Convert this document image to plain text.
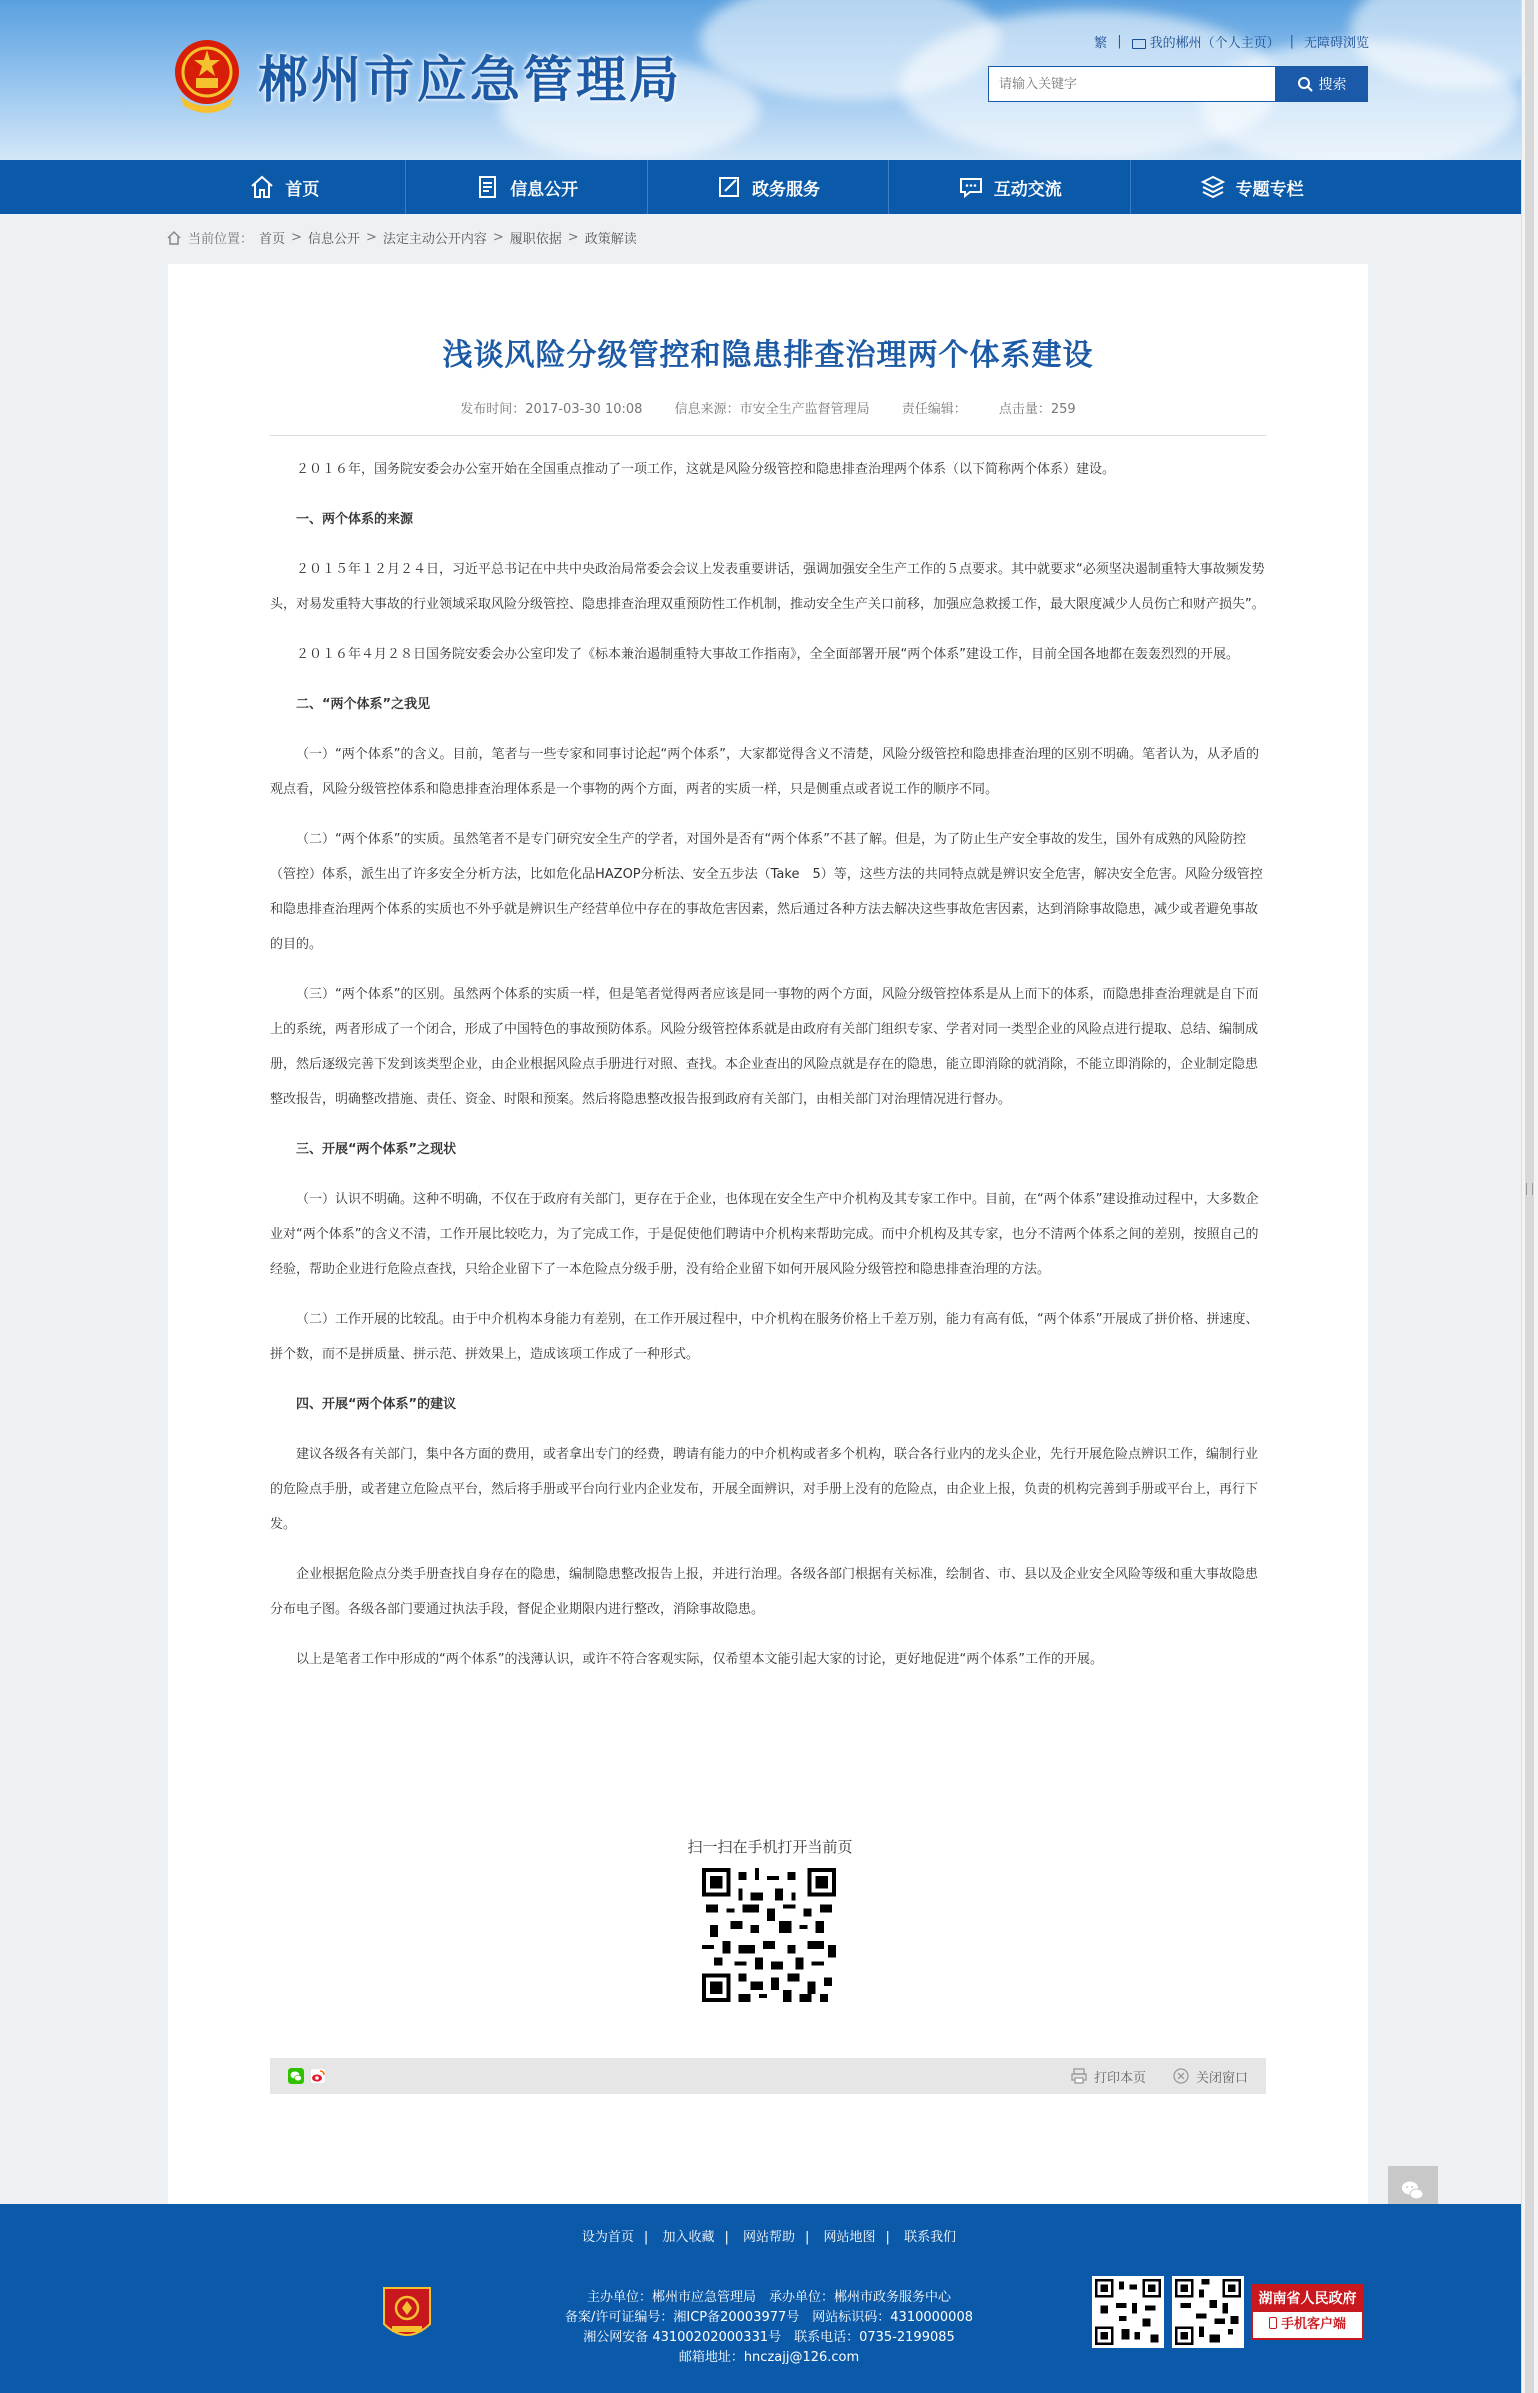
郴州市应急管理局
繁 |	我的郴州（个人主页） | 无障碍浏览
请输入关键字
搜索
首页	信息公开	政务服务	互动交流	专题专栏
当前位置： 首页 > 信息公开 > 法定主动公开内容 > 履职依据 > 政策解读
浅谈风险分级管控和隐患排查治理两个体系建设
发布时间：2017-03-30 10:08 信息来源：市安全生产监督管理局 责任编辑： 点击量：259

２０１６年，国务院安委会办公室开始在全国重点推动了一项工作，这就是风险分级管控和隐患排查治理两个体系（以下简称两个体系）建设。

一、两个体系的来源

２０１５年１２月２４日，习近平总书记在中共中央政治局常委会会议上发表重要讲话，强调加强安全生产工作的５点要求。其中就要求“必须坚决遏制重特大事故频发势头，对易发重特大事故的行业领域采取风险分级管控、隐患排查治理双重预防性工作机制，推动安全生产关口前移，加强应急救援工作，最大限度减少人员伤亡和财产损失”。

２０１６年４月２８日国务院安委会办公室印发了《标本兼治遏制重特大事故工作指南》，全全面部署开展“两个体系”建设工作，目前全国各地都在轰轰烈烈的开展。

二、“两个体系”之我见

（一）“两个体系”的含义。目前，笔者与一些专家和同事讨论起“两个体系”，大家都觉得含义不清楚，风险分级管控和隐患排查治理的区别不明确。笔者认为，从矛盾的观点看，风险分级管控体系和隐患排查治理体系是一个事物的两个方面，两者的实质一样，只是侧重点或者说工作的顺序不同。

（二）“两个体系”的实质。虽然笔者不是专门研究安全生产的学者，对国外是否有“两个体系”不甚了解。但是，为了防止生产安全事故的发生，国外有成熟的风险防控（管控）体系，派生出了许多安全分析方法，比如危化品HAZOP分析法、安全五步法（Take　5）等，这些方法的共同特点就是辨识安全危害，解决安全危害。风险分级管控和隐患排查治理两个体系的实质也不外乎就是辨识生产经营单位中存在的事故危害因素，然后通过各种方法去解决这些事故危害因素，达到消除事故隐患，减少或者避免事故的目的。

（三）“两个体系”的区别。虽然两个体系的实质一样，但是笔者觉得两者应该是同一事物的两个方面，风险分级管控体系是从上而下的体系，而隐患排查治理就是自下而上的系统，两者形成了一个闭合，形成了中国特色的事故预防体系。风险分级管控体系就是由政府有关部门组织专家、学者对同一类型企业的风险点进行提取、总结、编制成册，然后逐级完善下发到该类型企业，由企业根据风险点手册进行对照、查找。本企业查出的风险点就是存在的隐患，能立即消除的就消除，不能立即消除的，企业制定隐患整改报告，明确整改措施、责任、资金、时限和预案。然后将隐患整改报告报到政府有关部门，由相关部门对治理情况进行督办。

三、开展“两个体系”之现状

（一）认识不明确。这种不明确，不仅在于政府有关部门，更存在于企业，也体现在安全生产中介机构及其专家工作中。目前，在“两个体系”建设推动过程中，大多数企业对“两个体系”的含义不清，工作开展比较吃力，为了完成工作，于是促使他们聘请中介机构来帮助完成。而中介机构及其专家，也分不清两个体系之间的差别，按照自己的经验，帮助企业进行危险点查找，只给企业留下了一本危险点分级手册，没有给企业留下如何开展风险分级管控和隐患排查治理的方法。

（二）工作开展的比较乱。由于中介机构本身能力有差别，在工作开展过程中，中介机构在服务价格上千差万别，能力有高有低，“两个体系”开展成了拼价格、拼速度、拼个数，而不是拼质量、拼示范、拼效果上，造成该项工作成了一种形式。

四、开展“两个体系”的建议

建议各级各有关部门，集中各方面的费用，或者拿出专门的经费，聘请有能力的中介机构或者多个机构，联合各行业内的龙头企业，先行开展危险点辨识工作，编制行业的危险点手册，或者建立危险点平台，然后将手册或平台向行业内企业发布，开展全面辨识，对手册上没有的危险点，由企业上报，负责的机构完善到手册或平台上，再行下发。

企业根据危险点分类手册查找自身存在的隐患，编制隐患整改报告上报，并进行治理。各级各部门根据有关标准，绘制省、市、县以及企业安全风险等级和重大事故隐患分布电子图。各级各部门要通过执法手段，督促企业期限内进行整改，消除事故隐患。

以上是笔者工作中形成的“两个体系”的浅薄认识，或许不符合客观实际，仅希望本文能引起大家的讨论，更好地促进“两个体系”工作的开展。

扫一扫在手机打开当前页
打印本页	关闭窗口
设为首页 | 加入收藏 | 网站帮助 | 网站地图 | 联系我们
主办单位：郴州市应急管理局　承办单位：郴州市政务服务中心
备案/许可证编号：湘ICP备20003977号　网站标识码：4310000008
湘公网安备 43100202000331号　联系电话：0735-2199085
邮箱地址：hnczajj@126.com
湖南省人民政府
手机客户端
